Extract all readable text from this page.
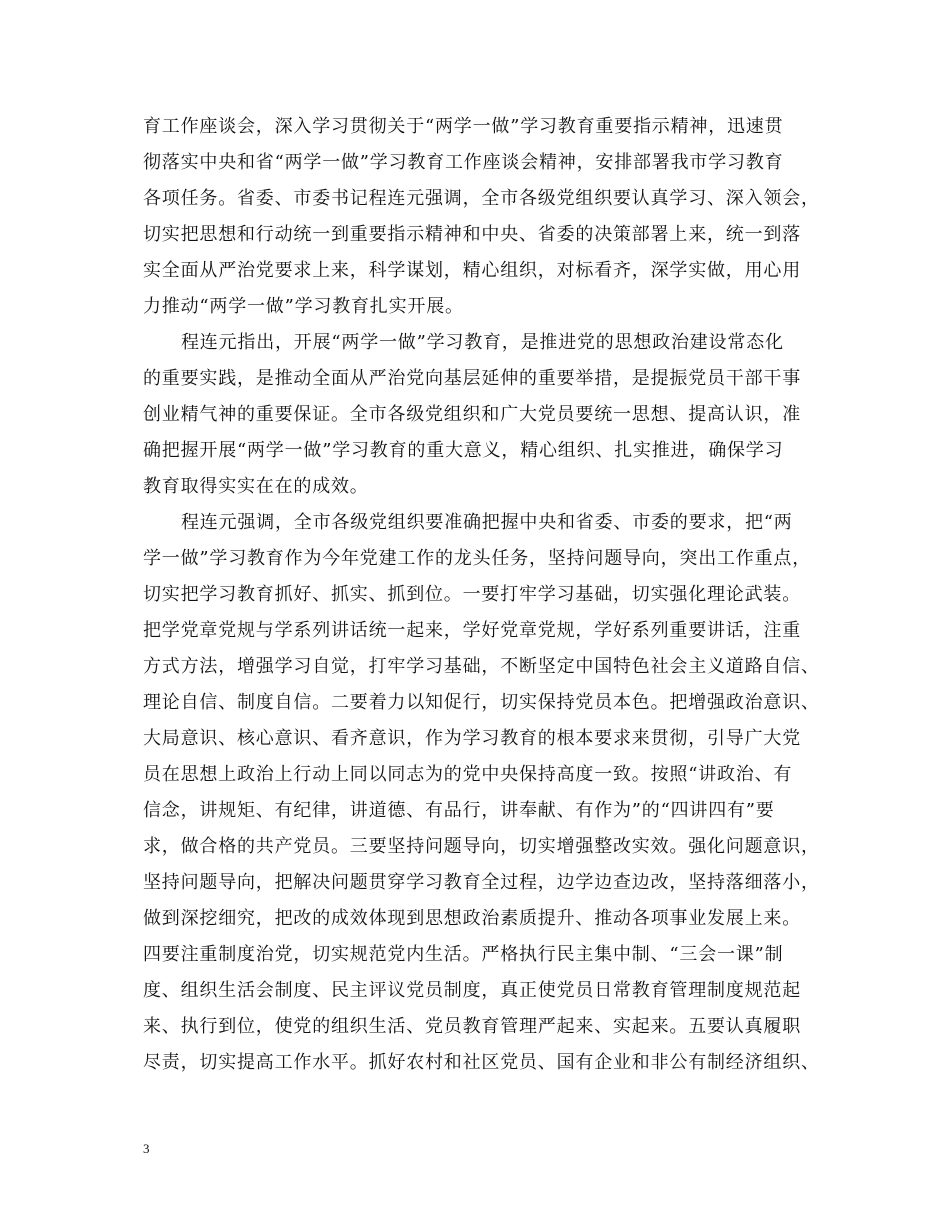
育工作座谈会，深入学习贯彻关于“两学一做”学习教育重要指示精神，迅速贯
彻落实中央和省“两学一做”学习教育工作座谈会精神，安排部署我市学习教育
各项任务。省委、市委书记程连元强调，全市各级党组织要认真学习、深入领会，
切实把思想和行动统一到重要指示精神和中央、省委的决策部署上来，统一到落
实全面从严治党要求上来，科学谋划，精心组织，对标看齐，深学实做，用心用
力推动“两学一做”学习教育扎实开展。
程连元指出，开展“两学一做”学习教育，是推进党的思想政治建设常态化
的重要实践，是推动全面从严治党向基层延伸的重要举措，是提振党员干部干事
创业精气神的重要保证。全市各级党组织和广大党员要统一思想、提高认识，准
确把握开展“两学一做”学习教育的重大意义，精心组织、扎实推进，确保学习
教育取得实实在在的成效。
程连元强调，全市各级党组织要准确把握中央和省委、市委的要求，把“两
学一做”学习教育作为今年党建工作的龙头任务，坚持问题导向，突出工作重点，
切实把学习教育抓好、抓实、抓到位。一要打牢学习基础，切实强化理论武装。
把学党章党规与学系列讲话统一起来，学好党章党规，学好系列重要讲话，注重
方式方法，增强学习自觉，打牢学习基础，不断坚定中国特色社会主义道路自信、
理论自信、制度自信。二要着力以知促行，切实保持党员本色。把增强政治意识、
大局意识、核心意识、看齐意识，作为学习教育的根本要求来贯彻，引导广大党
员在思想上政治上行动上同以同志为的党中央保持高度一致。按照“讲政治、有
信念，讲规矩、有纪律，讲道德、有品行，讲奉献、有作为”的“四讲四有”要
求，做合格的共产党员。三要坚持问题导向，切实增强整改实效。强化问题意识，
坚持问题导向，把解决问题贯穿学习教育全过程，边学边查边改，坚持落细落小，
做到深挖细究，把改的成效体现到思想政治素质提升、推动各项事业发展上来。
四要注重制度治党，切实规范党内生活。严格执行民主集中制、“三会一课”制
度、组织生活会制度、民主评议党员制度，真正使党员日常教育管理制度规范起
来、执行到位，使党的组织生活、党员教育管理严起来、实起来。五要认真履职
尽责，切实提高工作水平。抓好农村和社区党员、国有企业和非公有制经济组织、
3
